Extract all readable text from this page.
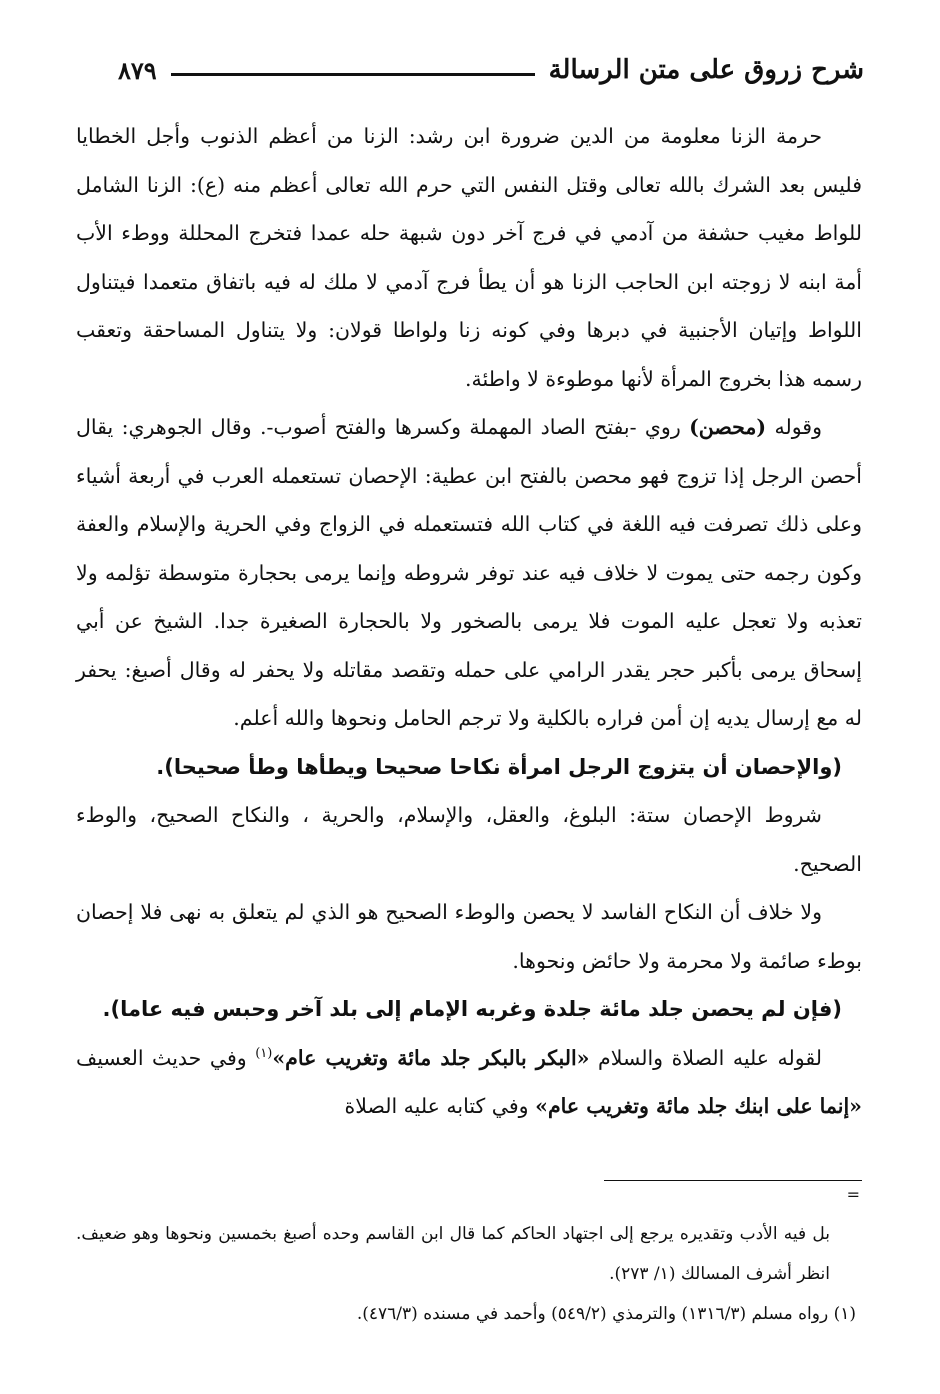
شرح زروق على متن الرسالة
٨٧٩

حرمة الزنا معلومة من الدين ضرورة ابن رشد: الزنا من أعظم الذنوب وأجل الخطايا فليس بعد الشرك بالله تعالى وقتل النفس التي حرم الله تعالى أعظم منه (ع): الزنا الشامل للواط مغيب حشفة من آدمي في فرج آخر دون شبهة حله عمدا فتخرج المحللة ووطء الأب أمة ابنه لا زوجته ابن الحاجب الزنا هو أن يطأ فرج آدمي لا ملك له فيه باتفاق متعمدا فيتناول اللواط وإتيان الأجنبية في دبرها وفي كونه زنا ولواطا قولان: ولا يتناول المساحقة وتعقب رسمه هذا بخروج المرأة لأنها موطوءة لا واطئة.

وقوله (محصن) روي -بفتح الصاد المهملة وكسرها والفتح أصوب-. وقال الجوهري: يقال أحصن الرجل إذا تزوج فهو محصن بالفتح ابن عطية: الإحصان تستعمله العرب في أربعة أشياء وعلى ذلك تصرفت فيه اللغة في كتاب الله فتستعمله في الزواج وفي الحرية والإسلام والعفة وكون رجمه حتى يموت لا خلاف فيه عند توفر شروطه وإنما يرمى بحجارة متوسطة تؤلمه ولا تعذبه ولا تعجل عليه الموت فلا يرمى بالصخور ولا بالحجارة الصغيرة جدا. الشيخ عن أبي إسحاق يرمى بأكبر حجر يقدر الرامي على حمله وتقصد مقاتله ولا يحفر له وقال أصبغ: يحفر له مع إرسال يديه إن أمن فراره بالكلية ولا ترجم الحامل ونحوها والله أعلم.

(والإحصان أن يتزوج الرجل امرأة نكاحا صحيحا ويطأها وطأ صحيحا).

شروط الإحصان ستة: البلوغ، والعقل، والإسلام، والحرية ، والنكاح الصحيح، والوطء الصحيح.

ولا خلاف أن النكاح الفاسد لا يحصن والوطء الصحيح هو الذي لم يتعلق به نهى فلا إحصان بوطء صائمة ولا محرمة ولا حائض ونحوها.

(فإن لم يحصن جلد مائة جلدة وغربه الإمام إلى بلد آخر وحبس فيه عاما).

لقوله عليه الصلاة والسلام «البكر بالبكر جلد مائة وتغريب عام»$^{(١)}$ وفي حديث العسيف «إنما على ابنك جلد مائة وتغريب عام» وفي كتابه عليه الصلاة

=

بل فيه الأدب وتقديره يرجع إلى اجتهاد الحاكم كما قال ابن القاسم وحده أصبغ بخمسين ونحوها وهو ضعيف. انظر أشرف المسالك (١/ ٢٧٣).

(١) رواه مسلم (١٣١٦/٣) والترمذي (٥٤٩/٢) وأحمد في مسنده (٤٧٦/٣).
